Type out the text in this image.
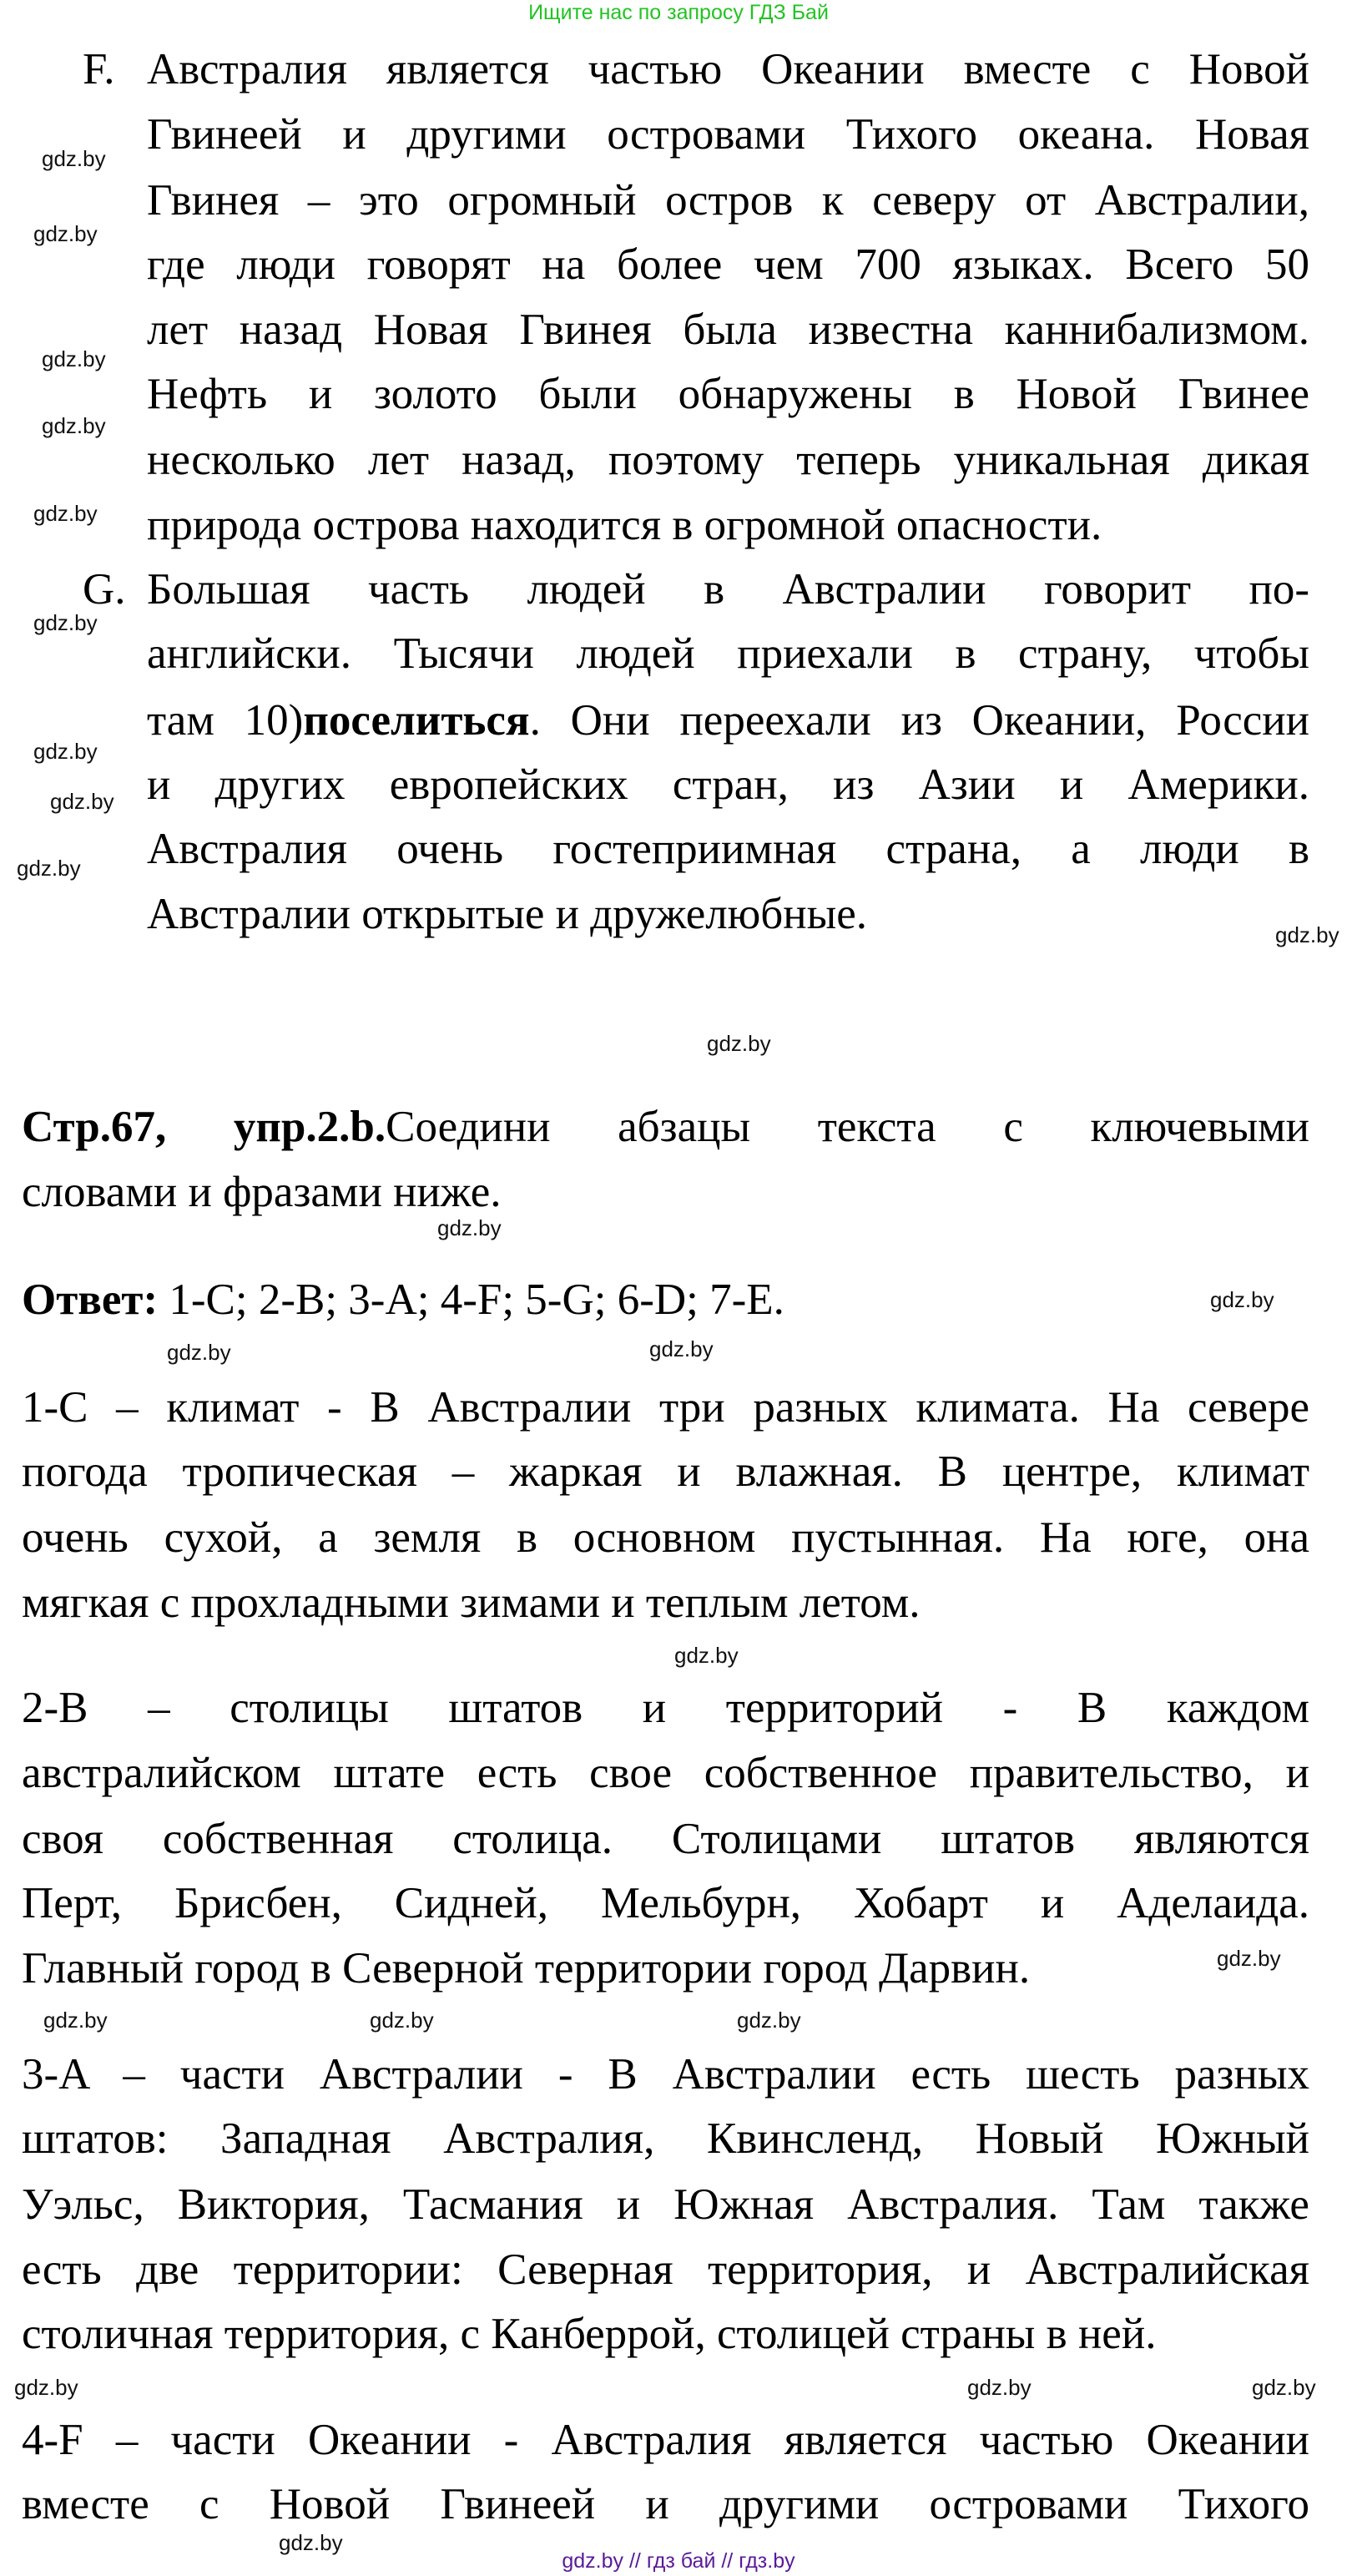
Ищите нас по запросу ГДЗ Бай
F. Австралия является частью Океании вместе с Новой
Гвинеей и другими островами Тихого океана. Новая
Гвинея – это огромный остров к северу от Австралии,
где люди говорят на более чем 700 языках. Всего 50
лет назад Новая Гвинея была известна каннибализмом.
Нефть и золото были обнаружены в Новой Гвинее
несколько лет назад, поэтому теперь уникальная дикая
природа острова находится в огромной опасности.
G. Большая часть людей в Австралии говорит по-
английски. Тысячи людей приехали в страну, чтобы
там 10)поселиться. Они переехали из Океании, России
и других европейских стран, из Азии и Америки.
Австралия очень гостеприимная страна, а люди в
Австралии открытые и дружелюбные.
Стр.67, упр.2.b.Соедини абзацы текста с ключевыми
словами и фразами ниже.
Ответ: 1-C; 2-B; 3-A; 4-F; 5-G; 6-D; 7-E.
1-C – климат - В Австралии три разных климата. На севере
погода тропическая – жаркая и влажная. В центре, климат
очень сухой, а земля в основном пустынная. На юге, она
мягкая с прохладными зимами и теплым летом.
2-B – столицы штатов и территорий - В каждом
австралийском штате есть свое собственное правительство, и
своя собственная столица. Столицами штатов являются
Перт, Брисбен, Сидней, Мельбурн, Хобарт и Аделаида.
Главный город в Северной территории город Дарвин.
3-A – части Австралии - В Австралии есть шесть разных
штатов: Западная Австралия, Квинсленд, Новый Южный
Уэльс, Виктория, Тасмания и Южная Австралия. Там также
есть две территории: Северная территория, и Австралийская
столичная территория, с Канберрой, столицей страны в ней.
4-F – части Океании - Австралия является частью Океании
вместе с Новой Гвинеей и другими островами Тихого
gdz.by
gdz.by
gdz.by
gdz.by
gdz.by
gdz.by
gdz.by
gdz.by
gdz.by
gdz.by
gdz.by
gdz.by
gdz.by
gdz.by
gdz.by
gdz.by
gdz.by
gdz.by
gdz.by	gdz.by
gdz.by
gdz.by	gdz.by
gdz.by
gdz.by // гдз бай // гдз.by
